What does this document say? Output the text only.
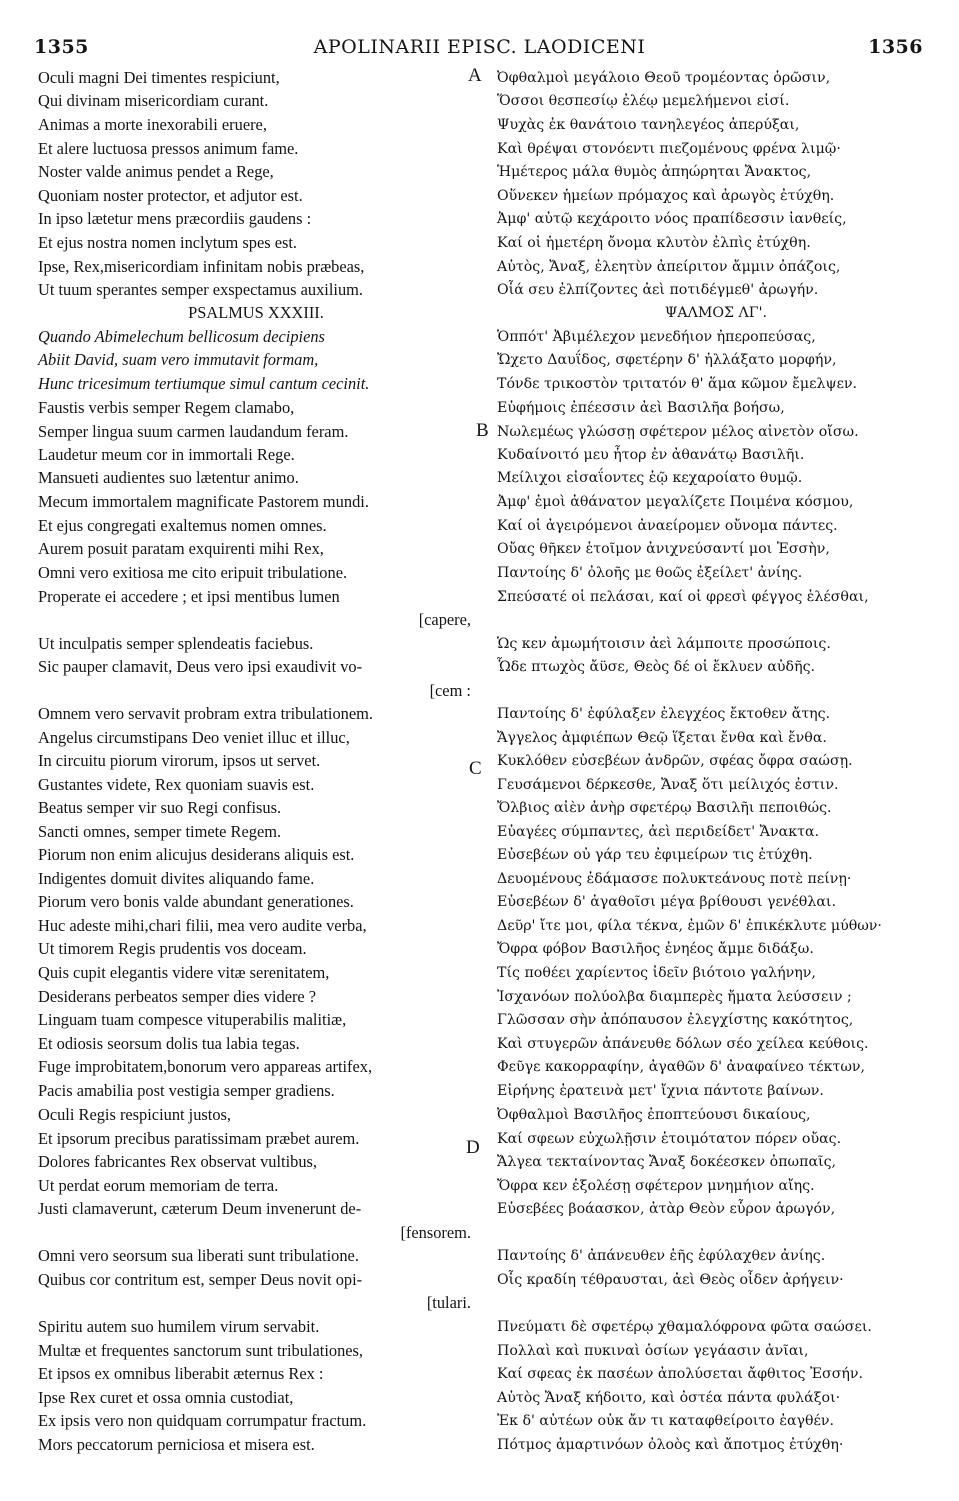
1355	APOLINARII EPISC. LAODICENI	1356
Oculi magni Dei timentes respiciunt,
Qui divinam misericordiam curant.
Animas a morte inexorabili eruere,
Et alere luctuosa pressos animum fame.
Noster valde animus pendet a Rege,
Quoniam noster protector, et adjutor est.
In ipso lætetur mens præcordiis gaudens :
Et ejus nostra nomen inclytum spes est.
Ipse, Rex,misericordiam infinitam nobis præbeas,
Ut tuum sperantes semper exspectamus auxilium.
PSALMUS XXXIII.
Quando Abimelechum bellicosum decipiens
Abiit David, suam vero immutavit formam,
Hunc tricesimum tertiumque simul cantum cecinit.
Faustis verbis semper Regem clamabo,
Semper lingua suum carmen laudandum feram.
Laudetur meum cor in immortali Rege.
Mansueti audientes suo lætentur animo.
Mecum immortalem magnificate Pastorem mundi.
Et ejus congregati exaltemus nomen omnes.
Aurem posuit paratam exquirenti mihi Rex,
Omni vero exitiosa me cito eripuit tribulatione.
Properate ei accedere ; et ipsi mentibus lumen
[capere,
Ut inculpatis semper splendeatis faciebus.
Sic pauper clamavit, Deus vero ipsi exaudivit vo-
[cem :
Omnem vero servavit probram extra tribulationem.
Angelus circumstipans Deo veniet illuc et illuc,
In circuitu piorum virorum, ipsos ut servet.
Gustantes videte, Rex quoniam suavis est.
Beatus semper vir suo Regi confisus.
Sancti omnes, semper timete Regem.
Piorum non enim alicujus desiderans aliquis est.
Indigentes domuit divites aliquando fame.
Piorum vero bonis valde abundant generationes.
Huc adeste mihi,chari filii, mea vero audite verba,
Ut timorem Regis prudentis vos doceam.
Quis cupit elegantis videre vitæ serenitatem,
Desiderans perbeatos semper dies videre ?
Linguam tuam compesce vituperabilis malitiæ,
Et odiosis seorsum dolis tua labia tegas.
Fuge improbitatem,bonorum vero appareas artifex,
Pacis amabilia post vestigia semper gradiens.
Oculi Regis respiciunt justos,
Et ipsorum precibus paratissimam præbet aurem.
Dolores fabricantes Rex observat vultibus,
Ut perdat eorum memoriam de terra.
Justi clamaverunt, cæterum Deum invenerunt de-
[fensorem.
Omni vero seorsum sua liberati sunt tribulatione.
Quibus cor contritum est, semper Deus novit opi-
[tulari.
Spiritu autem suo humilem virum servabit.
Multæ et frequentes sanctorum sunt tribulationes,
Et ipsos ex omnibus liberabit æternus Rex :
Ipse Rex curet et ossa omnia custodiat,
Ex ipsis vero non quidquam corrumpatur fractum.
Mors peccatorum perniciosa et misera est.
Ὀφθαλμοὶ μεγάλοιο Θεοῦ τρομέοντας ὁρῶσιν,
Ὅσσοι θεσπεσίῳ ἐλέῳ μεμελήμενοι εἰσί.
Ψυχὰς ἐκ θανάτοιο τανηλεγέος ἀπερύξαι,
Καὶ θρέψαι στονόεντι πιεζομένους φρένα λιμῷ·
Ἡμέτερος μάλα θυμὸς ἀπηώρηται Ἄνακτος,
Οὕνεκεν ἡμείων πρόμαχος καὶ ἀρωγὸς ἐτύχθη.
Ἀμφ' αὐτῷ κεχάροιτο νόος πραπίδεσσιν ἰανθείς,
Καί οἱ ἡμετέρη ὄνομα κλυτὸν ἐλπὶς ἐτύχθη.
Αὐτὸς, Ἄναξ, ἐλεητὺν ἀπείριτον ἄμμιν ὀπάζοις,
Οἷά σευ ἐλπίζοντες ἀεὶ ποτιδέγμεθ' ἀρωγήν.
ΨΑΛΜΟΣ ΛΓ'.
Ὁππότ' Ἀβιμέλεχον μενεδήιον ἠπεροπεύσας,
Ὤχετο Δαυΐδος, σφετέρην δ' ἠλλάξατο μορφήν,
Τόνδε τρικοστὸν τριτατόν θ' ἅμα κῶμον ἔμελψεν.
Εὐφήμοις ἐπέεσσιν ἀεὶ Βασιλῆα βοήσω,
Νωλεμέως γλώσσῃ σφέτερον μέλος αἰνετὸν οἴσω.
Κυδαίνοιτό μευ ἦτορ ἐν ἀθανάτῳ Βασιλῆι.
Μείλιχοι εἰσαΐοντες ἑῷ κεχαροίατο θυμῷ.
Ἀμφ' ἐμοὶ ἀθάνατον μεγαλίζετε Ποιμένα κόσμου,
Καί οἱ ἀγειρόμενοι ἀναείρομεν οὔνομα πάντες.
Οὔας θῆκεν ἑτοῖμον ἀνιχνεύσαντί μοι Ἐσσὴν,
Παντοίης δ' ὀλοῆς με θοῶς ἐξείλετ' ἀνίης.
Σπεύσατέ οἱ πελάσαι, καί οἱ φρεσὶ φέγγος ἑλέσθαι,
Ὡς κεν ἀμωμήτοισιν ἀεὶ λάμποιτε προσώποις.
Ὧδε πτωχὸς ἄϋσε, Θεὸς δέ οἱ ἔκλυεν αὐδῆς.
Παντοίης δ' ἐφύλαξεν ἐλεγχέος ἔκτοθεν ἄτης.
Ἄγγελος ἀμφιέπων Θεῷ ἵξεται ἔνθα καὶ ἔνθα.
Κυκλόθεν εὐσεβέων ἀνδρῶν, σφέας ὄφρα σαώσῃ.
Γευσάμενοι δέρκεσθε, Ἄναξ ὅτι μείλιχός ἐστιν.
Ὄλβιος αἰὲν ἀνὴρ σφετέρῳ Βασιλῆι πεποιθώς.
Εὐαγέες σύμπαντες, ἀεὶ περιδείδετ' Ἄνακτα.
Εὐσεβέων οὐ γάρ τευ ἐφιμείρων τις ἐτύχθη.
Δευομένους ἐδάμασσε πολυκτεάνους ποτὲ πείνῃ·
Εὐσεβέων δ' ἀγαθοῖσι μέγα βρίθουσι γενέθλαι.
Δεῦρ' ἴτε μοι, φίλα τέκνα, ἐμῶν δ' ἐπικέκλυτε μύθων·
Ὄφρα φόβον Βασιλῆος ἐνηέος ἄμμε διδάξω.
Τίς ποθέει χαρίεντος ἰδεῖν βιότοιο γαλήνην,
Ἰσχανόων πολύολβα διαμπερὲς ἤματα λεύσσειν ;
Γλῶσσαν σὴν ἀπόπαυσον ἐλεγχίστης κακότητος,
Καὶ στυγερῶν ἀπάνευθε δόλων σέο χείλεα κεύθοις.
Φεῦγε κακορραφίην, ἀγαθῶν δ' ἀναφαίνεο τέκτων,
Εἰρήνης ἐρατεινὰ μετ' ἴχνια πάντοτε βαίνων.
Ὀφθαλμοὶ Βασιλῆος ἐποπτεύουσι δικαίους,
Καί σφεων εὐχωλῇσιν ἑτοιμότατον πόρεν οὔας.
Ἄλγεα τεκταίνοντας Ἄναξ δοκέεσκεν ὀπωπαῖς,
Ὄφρα κεν ἐξολέσῃ σφέτερον μνημήιον αἴης.
Εὐσεβέες βοάασκον, ἀτὰρ Θεὸν εὗρον ἀρωγόν,
Παντοίης δ' ἀπάνευθεν ἑῆς ἐφύλαχθεν ἀνίης.
Οἷς κραδίη τέθραυσται, ἀεὶ Θεὸς οἶδεν ἀρήγειν·
Πνεύματι δὲ σφετέρῳ χθαμαλόφρονα φῶτα σαώσει.
Πολλαὶ καὶ πυκιναὶ ὁσίων γεγάασιν ἀνῖαι,
Καί σφεας ἐκ πασέων ἀπολύσεται ἄφθιτος Ἐσσήν.
Αὐτὸς Ἄναξ κήδοιτο, καὶ ὀστέα πάντα φυλάξοι·
Ἐκ δ' αὐτέων οὐκ ἄν τι καταφθείροιτο ἐαγθέν.
Πότμος ἁμαρτινόων ὀλοὸς καὶ ἄποτμος ἐτύχθη·
A
B
C
D
